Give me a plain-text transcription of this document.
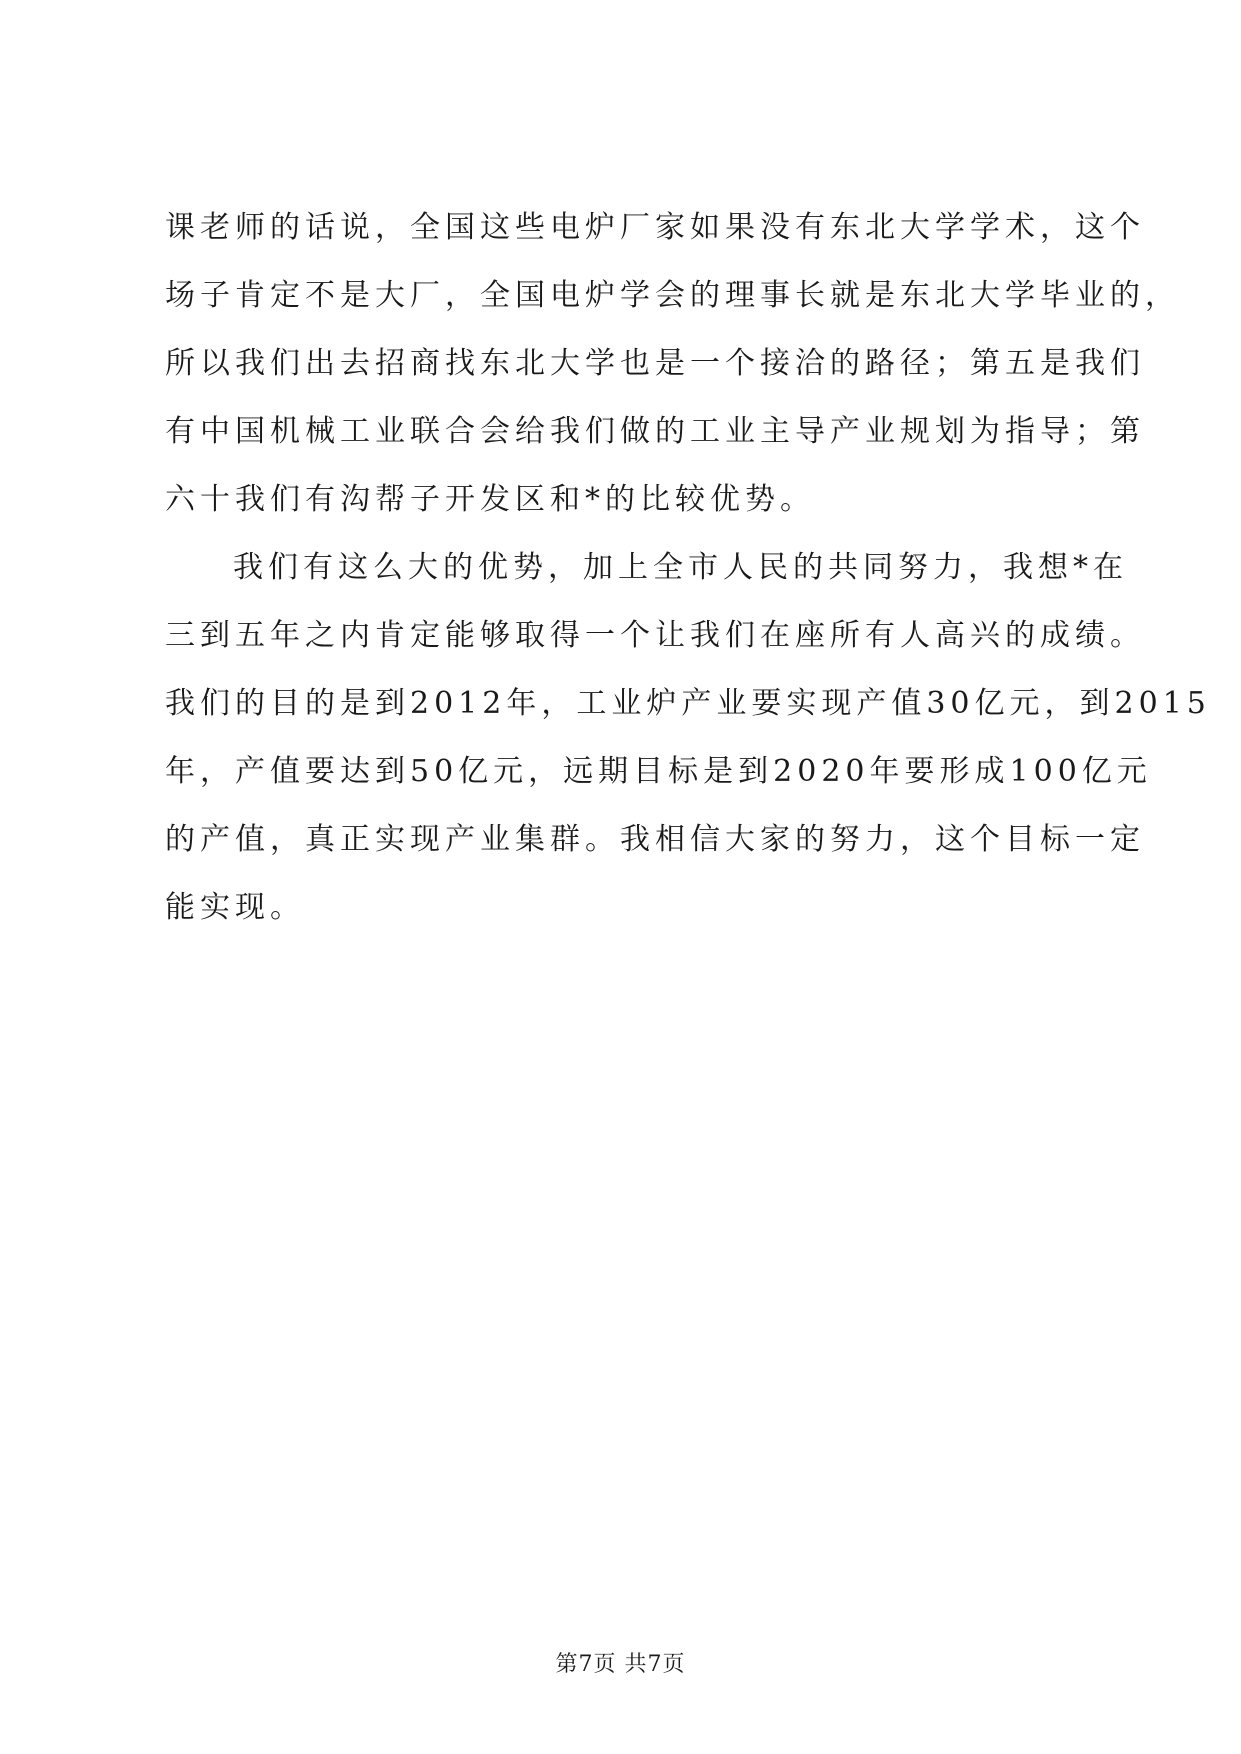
课老师的话说，全国这些电炉厂家如果没有东北大学学术，这个
场子肯定不是大厂，全国电炉学会的理事长就是东北大学毕业的，
所以我们出去招商找东北大学也是一个接洽的路径；第五是我们
有中国机械工业联合会给我们做的工业主导产业规划为指导；第
六十我们有沟帮子开发区和*的比较优势。
我们有这么大的优势，加上全市人民的共同努力，我想*在
三到五年之内肯定能够取得一个让我们在座所有人高兴的成绩。
我们的目的是到2012年，工业炉产业要实现产值30亿元，到2015
年，产值要达到50亿元，远期目标是到2020年要形成100亿元
的产值，真正实现产业集群。我相信大家的努力，这个目标一定
能实现。
第7页 共7页
